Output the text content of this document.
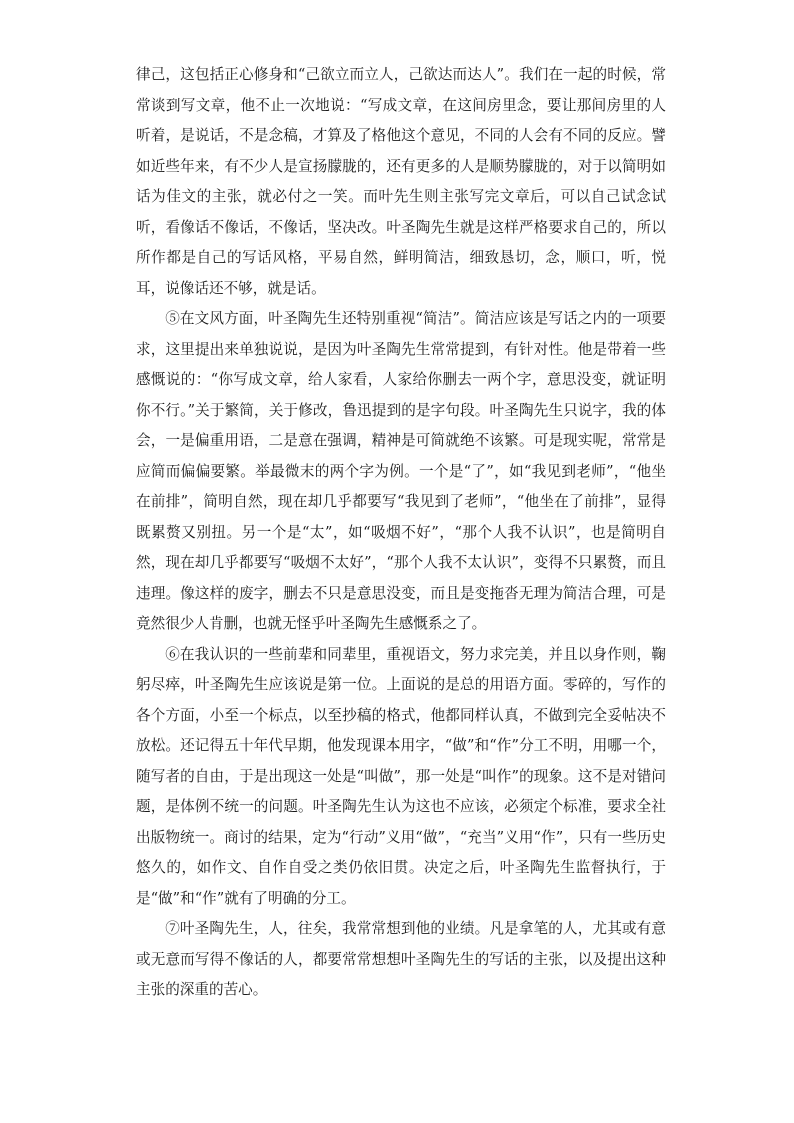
律己，这包括正心修身和“己欲立而立人，己欲达而达人”。我们在一起的时候，常常谈到写文章，他不止一次地说：“写成文章，在这间房里念，要让那间房里的人听着，是说话，不是念稿，才算及了格他这个意见，不同的人会有不同的反应。譬如近些年来，有不少人是宣扬朦胧的，还有更多的人是顺势朦胧的，对于以简明如话为佳文的主张，就必付之一笑。而叶先生则主张写完文章后，可以自己试念试听，看像话不像话，不像话，坚决改。叶圣陶先生就是这样严格要求自己的，所以所作都是自己的写话风格，平易自然，鲜明简洁，细致恳切，念，顺口，听，悦耳，说像话还不够，就是话。

⑤在文风方面，叶圣陶先生还特别重视“简洁”。简洁应该是写话之内的一项要求，这里提出来单独说说，是因为叶圣陶先生常常提到，有针对性。他是带着一些感慨说的：“你写成文章，给人家看，人家给你删去一两个字，意思没变，就证明你不行。”关于繁简，关于修改，鲁迅提到的是字句段。叶圣陶先生只说字，我的体会，一是偏重用语，二是意在强调，精神是可简就绝不该繁。可是现实呢，常常是应简而偏偏要繁。举最微末的两个字为例。一个是“了”，如“我见到老师”，“他坐在前排”，简明自然，现在却几乎都要写“我见到了老师”，“他坐在了前排”，显得既累赘又别扭。另一个是“太”，如“吸烟不好”，“那个人我不认识”，也是简明自然，现在却几乎都要写“吸烟不太好”，“那个人我不太认识”，变得不只累赘，而且违理。像这样的废字，删去不只是意思没变，而且是变拖沓无理为简洁合理，可是竟然很少人肯删，也就无怪乎叶圣陶先生感慨系之了。

⑥在我认识的一些前辈和同辈里，重视语文，努力求完美，并且以身作则，鞠躬尽瘁，叶圣陶先生应该说是第一位。上面说的是总的用语方面。零碎的，写作的各个方面，小至一个标点，以至抄稿的格式，他都同样认真，不做到完全妥帖决不放松。还记得五十年代早期，他发现课本用字，“做”和“作”分工不明，用哪一个，随写者的自由，于是出现这一处是“叫做”，那一处是“叫作”的现象。这不是对错问题，是体例不统一的问题。叶圣陶先生认为这也不应该，必须定个标准，要求全社出版物统一。商讨的结果，定为“行动”义用“做”，“充当”义用“作”，只有一些历史悠久的，如作文、自作自受之类仍依旧贯。决定之后，叶圣陶先生监督执行，于是“做”和“作”就有了明确的分工。

⑦叶圣陶先生，人，往矣，我常常想到他的业绩。凡是拿笔的人，尤其或有意或无意而写得不像话的人，都要常常想想叶圣陶先生的写话的主张，以及提出这种主张的深重的苦心。
